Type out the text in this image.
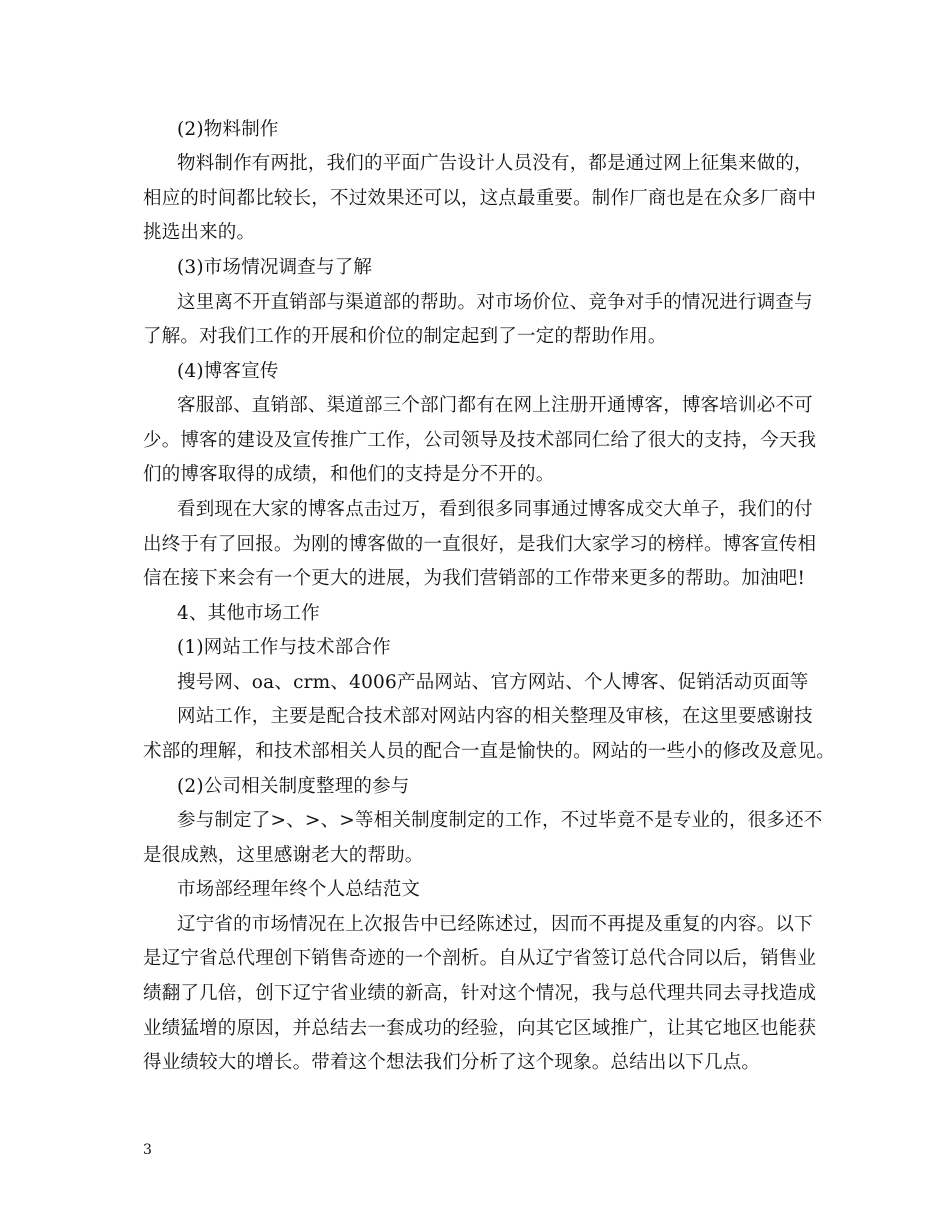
(2)物料制作
物料制作有两批，我们的平面广告设计人员没有，都是通过网上征集来做的，
相应的时间都比较长，不过效果还可以，这点最重要。制作厂商也是在众多厂商中
挑选出来的。
(3)市场情况调查与了解
这里离不开直销部与渠道部的帮助。对市场价位、竞争对手的情况进行调查与
了解。对我们工作的开展和价位的制定起到了一定的帮助作用。
(4)博客宣传
客服部、直销部、渠道部三个部门都有在网上注册开通博客，博客培训必不可
少。博客的建设及宣传推广工作，公司领导及技术部同仁给了很大的支持，今天我
们的博客取得的成绩，和他们的支持是分不开的。
看到现在大家的博客点击过万，看到很多同事通过博客成交大单子，我们的付
出终于有了回报。为刚的博客做的一直很好，是我们大家学习的榜样。博客宣传相
信在接下来会有一个更大的进展，为我们营销部的工作带来更多的帮助。加油吧!
4、其他市场工作
(1)网站工作与技术部合作
搜号网、oa、crm、4006产品网站、官方网站、个人博客、促销活动页面等
网站工作，主要是配合技术部对网站内容的相关整理及审核，在这里要感谢技
术部的理解，和技术部相关人员的配合一直是愉快的。网站的一些小的修改及意见。
(2)公司相关制度整理的参与
参与制定了>、>、>等相关制度制定的工作，不过毕竟不是专业的，很多还不
是很成熟，这里感谢老大的帮助。
市场部经理年终个人总结范文
辽宁省的市场情况在上次报告中已经陈述过，因而不再提及重复的内容。以下
是辽宁省总代理创下销售奇迹的一个剖析。自从辽宁省签订总代合同以后，销售业
绩翻了几倍，创下辽宁省业绩的新高，针对这个情况，我与总代理共同去寻找造成
业绩猛增的原因，并总结去一套成功的经验，向其它区域推广，让其它地区也能获
得业绩较大的增长。带着这个想法我们分析了这个现象。总结出以下几点。
3
